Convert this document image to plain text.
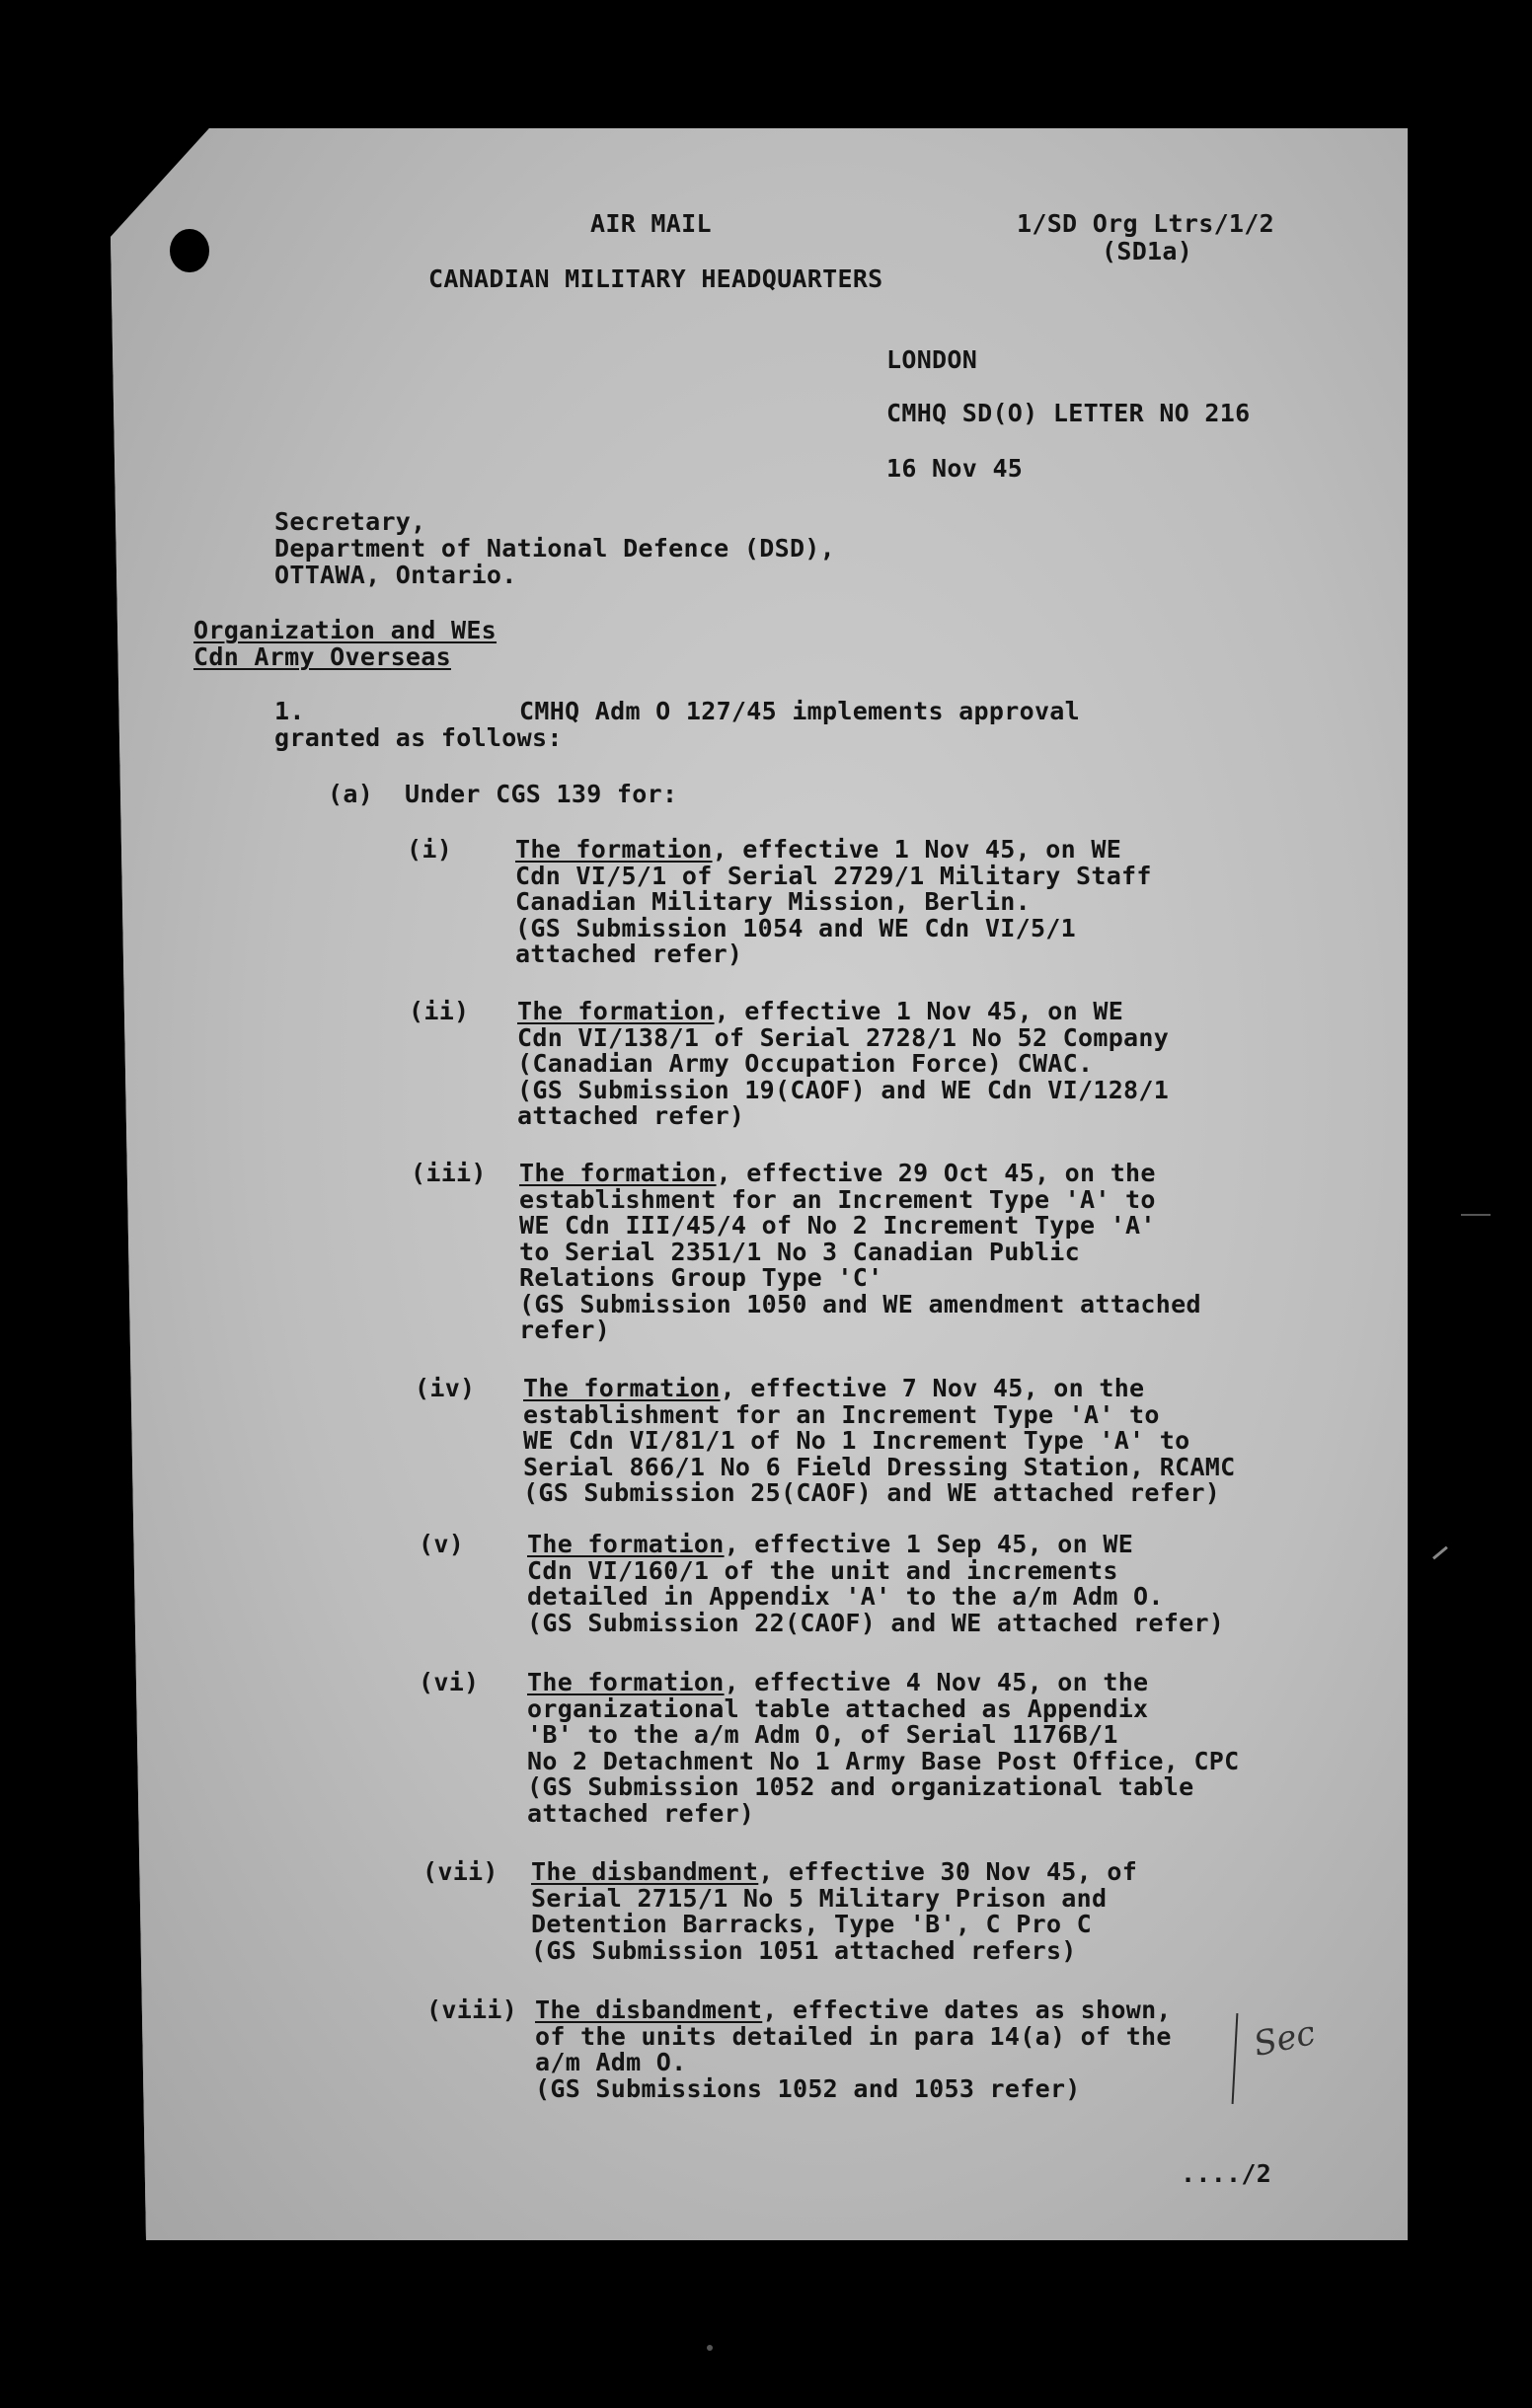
AIR MAIL	1/SD Org Ltrs/1/2
(SD1a)
CANADIAN MILITARY HEADQUARTERS
LONDON
CMHQ SD(O) LETTER NO 216
16 Nov 45
Secretary,
Department of National Defence (DSD),
OTTAWA, Ontario.
Organization and WEs
Cdn Army Overseas
1.	CMHQ Adm O 127/45 implements approval
granted as follows:
(a) Under CGS 139 for:
(i)	The formation, effective 1 Nov 45, on WE
Cdn VI/5/1 of Serial 2729/1 Military Staff
Canadian Military Mission, Berlin.
(GS Submission 1054 and WE Cdn VI/5/1
attached refer)
(ii) The formation, effective 1 Nov 45, on WE
Cdn VI/138/1 of Serial 2728/1 No 52 Company
(Canadian Army Occupation Force) CWAC.
(GS Submission 19(CAOF) and WE Cdn VI/128/1
attached refer)
(iii) The formation, effective 29 Oct 45, on the
establishment for an Increment Type 'A' to
WE Cdn III/45/4 of No 2 Increment Type 'A'
to Serial 2351/1 No 3 Canadian Public
Relations Group Type 'C'
(GS Submission 1050 and WE amendment attached
refer)
(iv) The formation, effective 7 Nov 45, on the
establishment for an Increment Type 'A' to
WE Cdn VI/81/1 of No 1 Increment Type 'A' to
Serial 866/1 No 6 Field Dressing Station, RCAMC
(GS Submission 25(CAOF) and WE attached refer)
(v)	The formation, effective 1 Sep 45, on WE
Cdn VI/160/1 of the unit and increments
detailed in Appendix 'A' to the a/m Adm O.
(GS Submission 22(CAOF) and WE attached refer)
(vi) The formation, effective 4 Nov 45, on the
organizational table attached as Appendix
'B' to the a/m Adm O, of Serial 1176B/1
No 2 Detachment No 1 Army Base Post Office, CPC
(GS Submission 1052 and organizational table
attached refer)
(vii) The disbandment, effective 30 Nov 45, of
Serial 2715/1 No 5 Military Prison and
Detention Barracks, Type 'B', C Pro C
(GS Submission 1051 attached refers)
(viii) The disbandment, effective dates as shown,
of the units detailed in para 14(a) of the
a/m Adm O.
(GS Submissions 1052 and 1053 refer)
Sec
..../2
